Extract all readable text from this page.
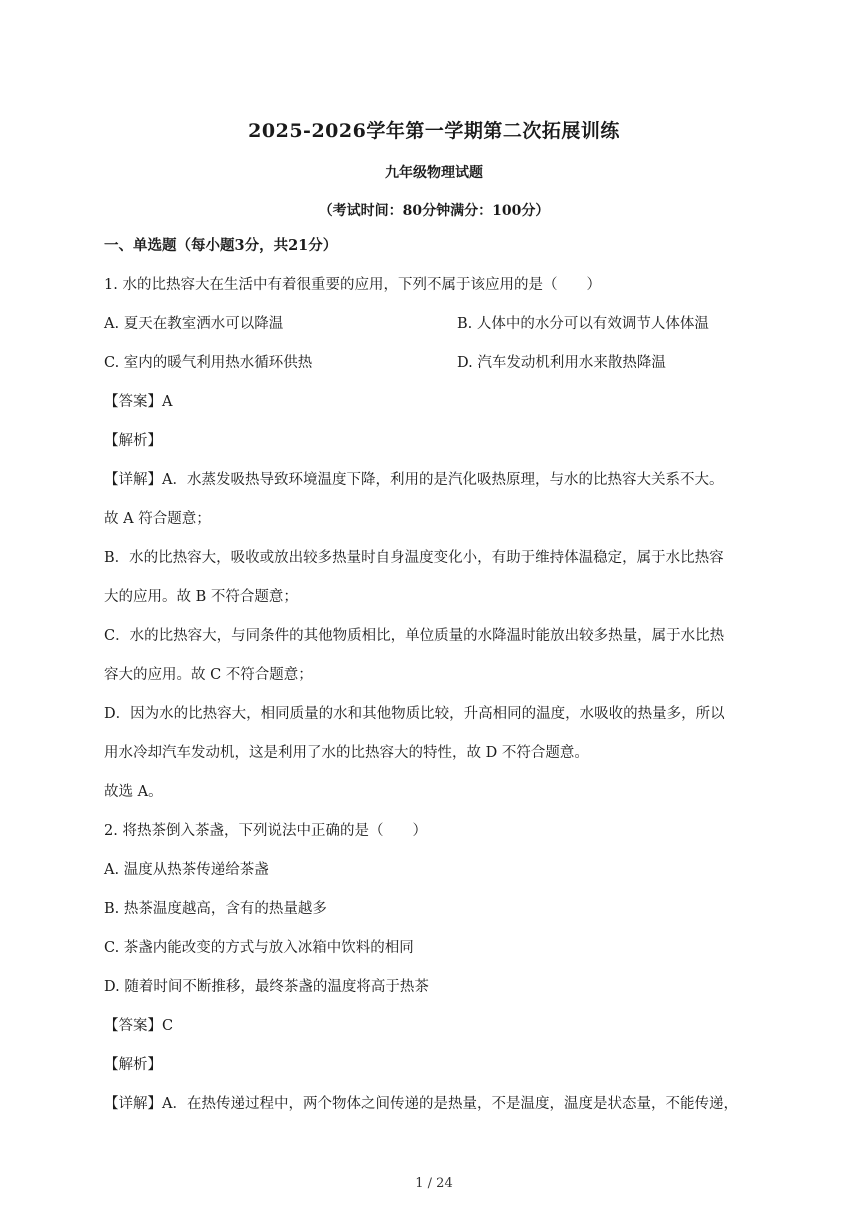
2025-2026学年第一学期第二次拓展训练
九年级物理试题
（考试时间：80分钟满分：100分）
一、单选题（每小题3分，共21分）
1. 水的比热容大在生活中有着很重要的应用，下列不属于该应用的是（　　）
A. 夏天在教室洒水可以降温	B. 人体中的水分可以有效调节人体体温
C. 室内的暖气利用热水循环供热	D. 汽车发动机利用水来散热降温
【答案】A
【解析】
【详解】A．水蒸发吸热导致环境温度下降，利用的是汽化吸热原理，与水的比热容大关系不大。
故 A 符合题意；
B．水的比热容大，吸收或放出较多热量时自身温度变化小，有助于维持体温稳定，属于水比热容
大的应用。故 B 不符合题意；
C．水的比热容大，与同条件的其他物质相比，单位质量的水降温时能放出较多热量，属于水比热
容大的应用。故 C 不符合题意；
D．因为水的比热容大，相同质量的水和其他物质比较，升高相同的温度，水吸收的热量多，所以
用水冷却汽车发动机，这是利用了水的比热容大的特性，故 D 不符合题意。
故选 A。
2. 将热茶倒入茶盏，下列说法中正确的是（　　）
A. 温度从热茶传递给茶盏
B. 热茶温度越高，含有的热量越多
C. 茶盏内能改变的方式与放入冰箱中饮料的相同
D. 随着时间不断推移，最终茶盏的温度将高于热茶
【答案】C
【解析】
【详解】A．在热传递过程中，两个物体之间传递的是热量，不是温度，温度是状态量，不能传递，
1 / 24
